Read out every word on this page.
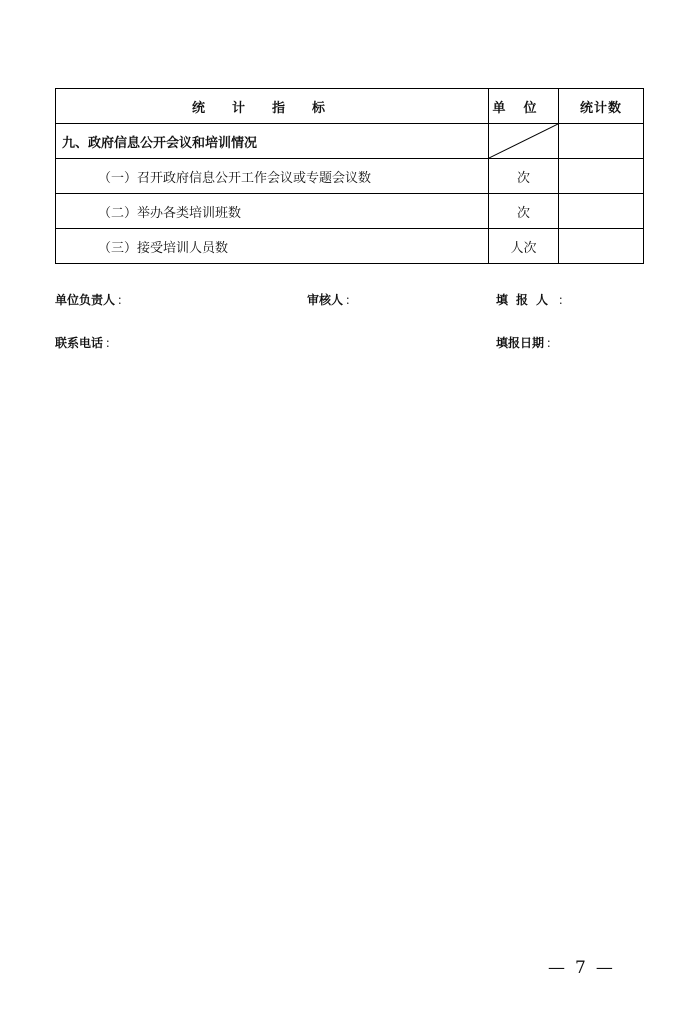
统计指标	单位	统计数
九、政府信息公开会议和培训情况	

（一）召开政府信息公开工作会议或专题会议数	次	
（二）举办各类培训班数	次	
（三）接受培训人员数	人次	
单位负责人 ：	审核人 ：	填报人 ：
联系电话 ：	填报日期 ：
— 7 —
